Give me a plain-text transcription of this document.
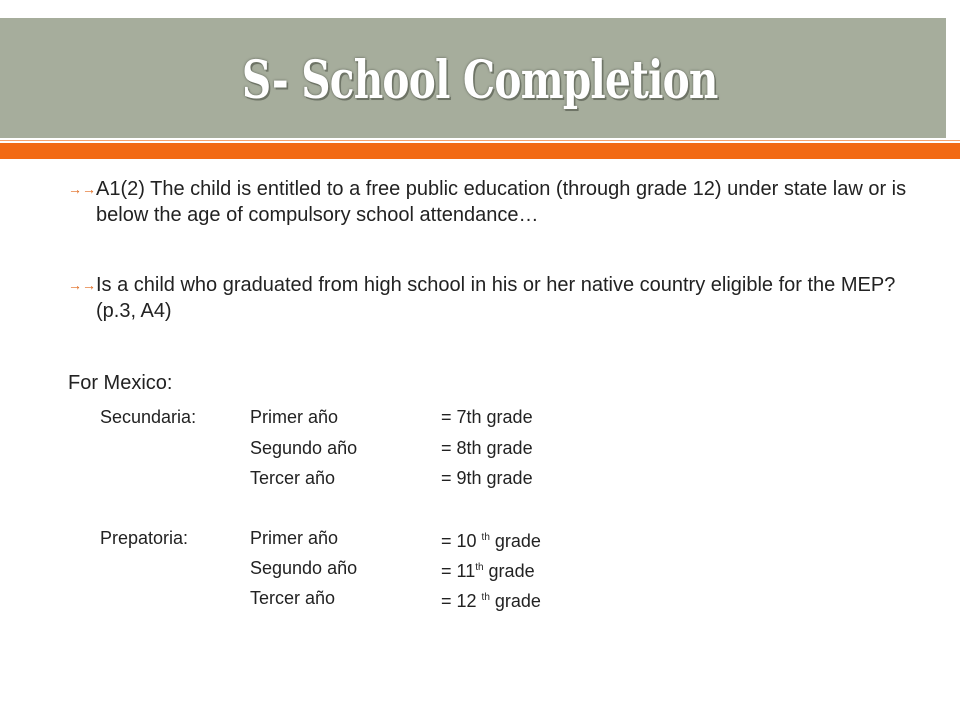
S- School Completion
→→ A1(2) The child is entitled to a free public education (through grade 12) under state law or is below the age of compulsory school attendance…
→→ Is a child who graduated from high school in his or her native country eligible for the MEP? (p.3, A4)
For Mexico:
Secundaria:	Primer año	= 7th grade
Segundo año	= 8th grade
Tercer año	= 9th grade
Prepatoria:	Primer año	= 10 $^{th}$ grade
Segundo año	= 11th grade
Tercer año	= 12 $^{th}$ grade
